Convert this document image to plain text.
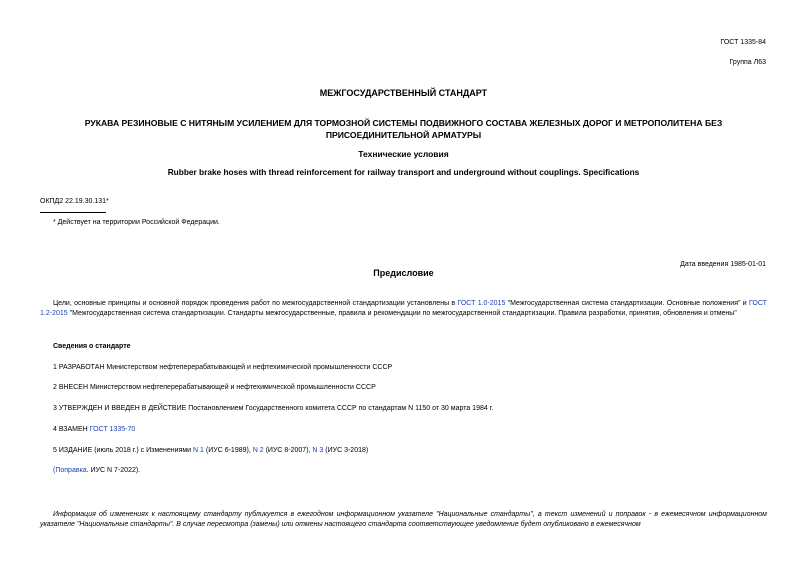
ГОСТ 1335-84
Группа Л63
МЕЖГОСУДАРСТВЕННЫЙ СТАНДАРТ
РУКАВА РЕЗИНОВЫЕ С НИТЯНЫМ УСИЛЕНИЕМ ДЛЯ ТОРМОЗНОЙ СИСТЕМЫ ПОДВИЖНОГО СОСТАВА ЖЕЛЕЗНЫХ ДОРОГ И МЕТРОПОЛИТЕНА БЕЗ
ПРИСОЕДИНИТЕЛЬНОЙ АРМАТУРЫ
Технические условия
Rubber brake hoses with thread reinforcement for railway transport and underground without couplings. Specifications
ОКПД2 22.19.30.131*
* Действует на территории Российской Федерации.
Дата введения 1985-01-01
Предисловие
Цели, основные принципы и основной порядок проведения работ по межгосударственной стандартизации установлены в ГОСТ 1.0-2015 "Межгосударственная система стандартизации. Основные положения" и ГОСТ 1.2-2015 "Межгосударственная система стандартизации. Стандарты межгосударственные, правила и рекомендации по межгосударственной стандартизации. Правила разработки, принятия, обновления и отмены"
Сведения о стандарте
1 РАЗРАБОТАН Министерством нефтеперерабатывающей и нефтехимической промышленности СССР
2 ВНЕСЕН Министерством нефтеперерабатывающей и нефтехимической промышленности СССР
3 УТВЕРЖДЕН И ВВЕДЕН В ДЕЙСТВИЕ Постановлением Государственного комитета СССР по стандартам N 1150 от 30 марта 1984 г.
4 ВЗАМЕН ГОСТ 1335-70
5 ИЗДАНИЕ (июль 2018 г.) с Изменениями N 1 (ИУС 6-1989), N 2 (ИУС 8-2007), N 3 (ИУС 3-2018)
(Поправка. ИУС N 7-2022).
Информация об изменениях к настоящему стандарту публикуется в ежегодном информационном указателе "Национальные стандарты", а текст изменений и поправок - в ежемесячном информационном указателе "Национальные стандарты". В случае пересмотра (замены) или отмены настоящего стандарта соответствующее уведомление будет опубликовано в ежемесячном
